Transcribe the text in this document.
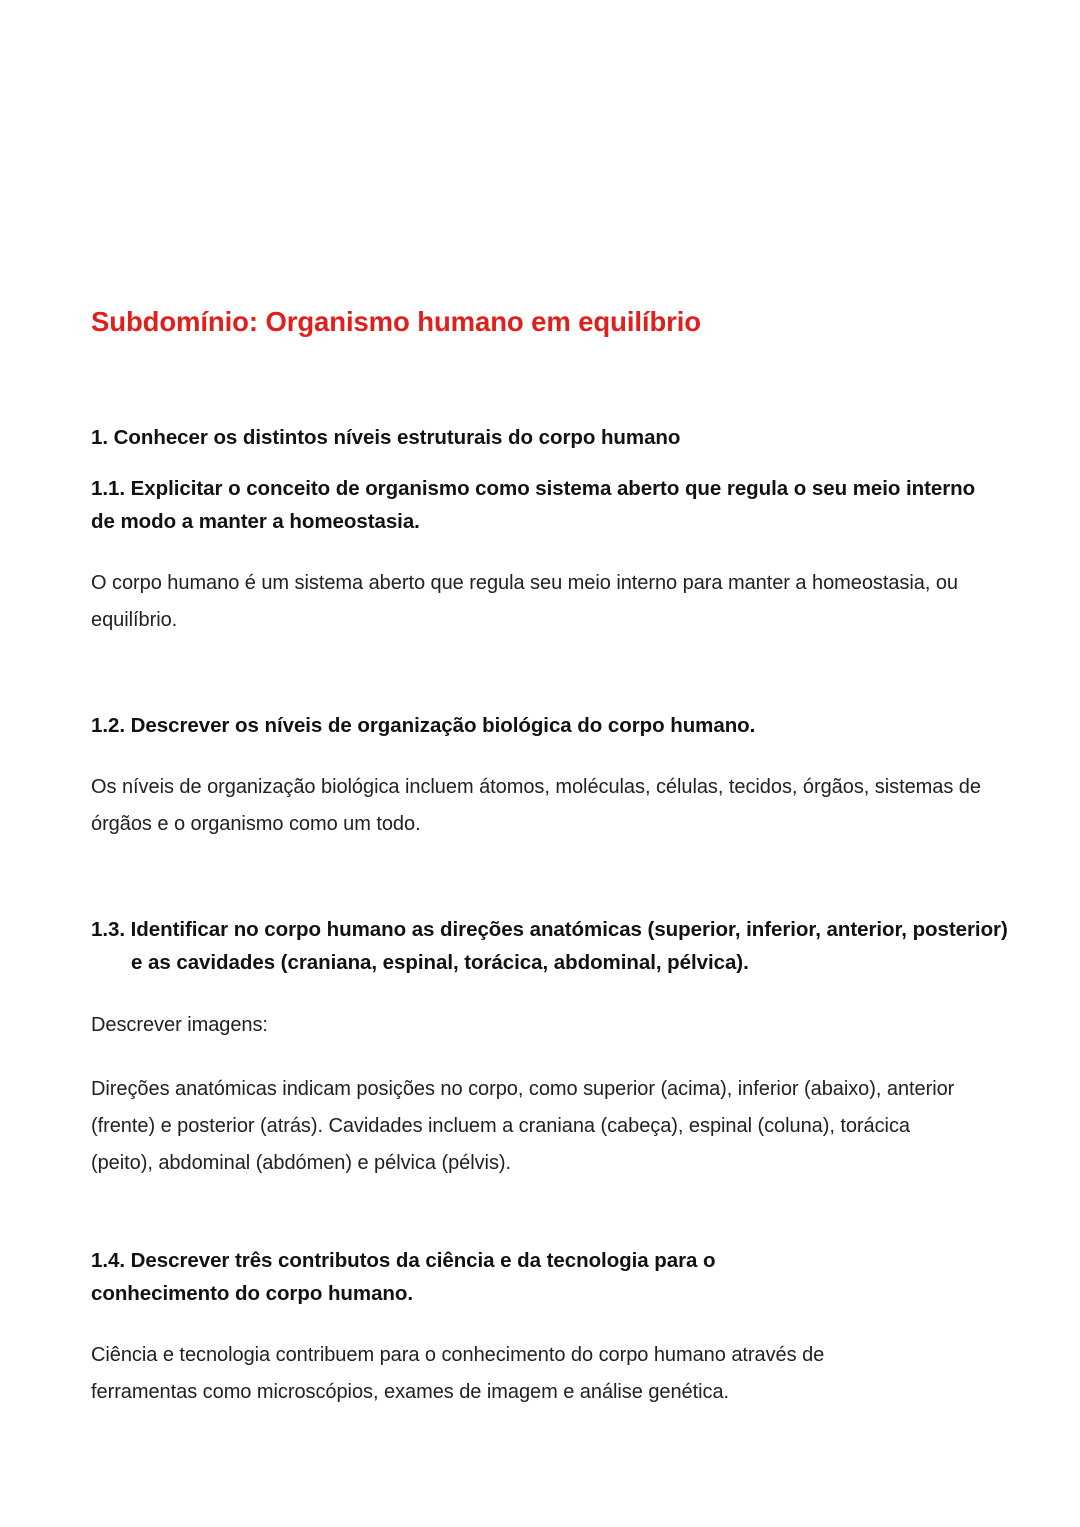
Subdomínio: Organismo humano em equilíbrio

1. Conhecer os distintos níveis estruturais do corpo humano

1.1. Explicitar o conceito de organismo como sistema aberto que regula o seu meio interno de modo a manter a homeostasia.

O corpo humano é um sistema aberto que regula seu meio interno para manter a homeostasia, ou equilíbrio.

1.2. Descrever os níveis de organização biológica do corpo humano.

Os níveis de organização biológica incluem átomos, moléculas, células, tecidos, órgãos, sistemas de órgãos e o organismo como um todo.

1.3. Identificar no corpo humano as direções anatómicas (superior, inferior, anterior, posterior) e as cavidades (craniana, espinal, torácica, abdominal, pélvica).

Descrever imagens:

Direções anatómicas indicam posições no corpo, como superior (acima), inferior (abaixo), anterior (frente) e posterior (atrás). Cavidades incluem a craniana (cabeça), espinal (coluna), torácica (peito), abdominal (abdómen) e pélvica (pélvis).

1.4. Descrever três contributos da ciência e da tecnologia para o conhecimento do corpo humano.

Ciência e tecnologia contribuem para o conhecimento do corpo humano através de ferramentas como microscópios, exames de imagem e análise genética.
